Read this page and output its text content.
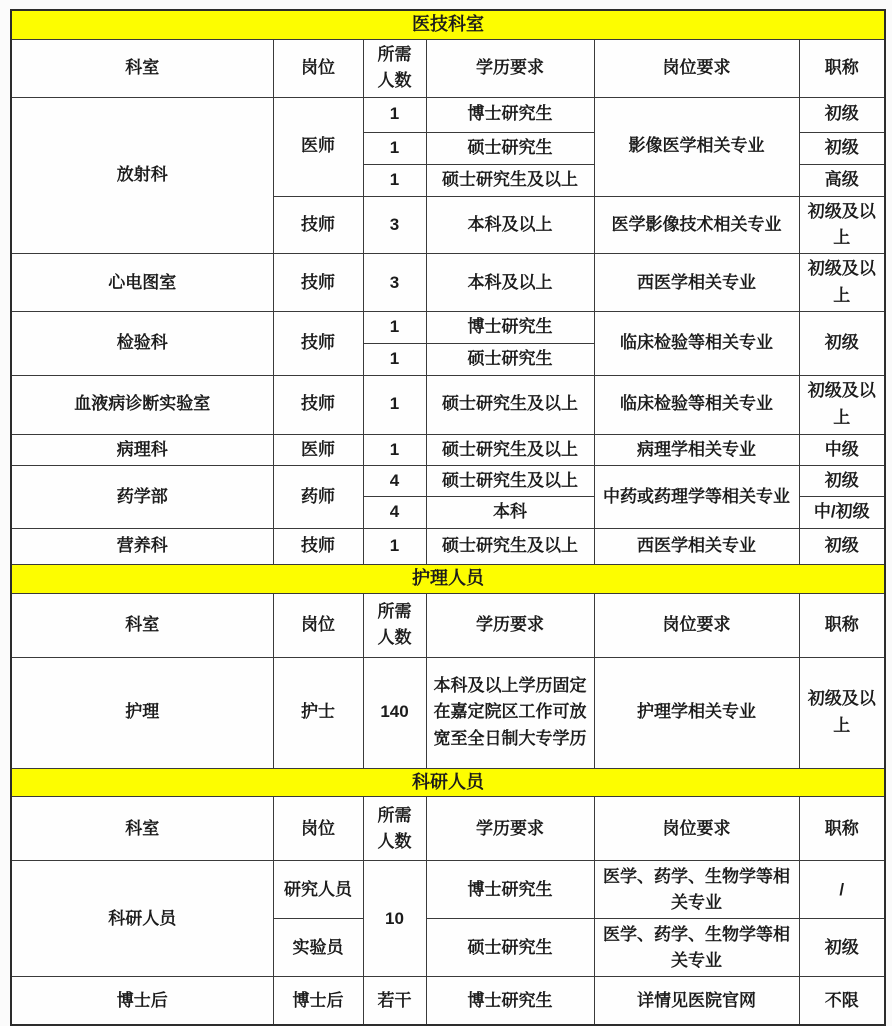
医技科室					
科室	岗位	所需人数	学历要求	岗位要求	职称
放射科	医师	1	博士研究生	影像医学相关专业	初级
		1	硕士研究生		初级
		1	硕士研究生及以上		高级
	技师	3	本科及以上	医学影像技术相关专业	初级及以上
心电图室	技师	3	本科及以上	西医学相关专业	初级及以上
检验科	技师	1	博士研究生	临床检验等相关专业	初级
		1	硕士研究生		
血液病诊断实验室	技师	1	硕士研究生及以上	临床检验等相关专业	初级及以上
病理科	医师	1	硕士研究生及以上	病理学相关专业	中级
药学部	药师	4	硕士研究生及以上	中药或药理学等相关专业	初级
		4	本科		中/初级
营养科	技师	1	硕士研究生及以上	西医学相关专业	初级
护理人员					
科室	岗位	所需人数	学历要求	岗位要求	职称
护理	护士	140	本科及以上学历固定在嘉定院区工作可放宽至全日制大专学历	护理学相关专业	初级及以上
科研人员					
科室	岗位	所需人数	学历要求	岗位要求	职称
科研人员	研究人员	10	博士研究生	医学、药学、生物学等相关专业	/
	实验员		硕士研究生	医学、药学、生物学等相关专业	初级
博士后	博士后	若干	博士研究生	详情见医院官网	不限
